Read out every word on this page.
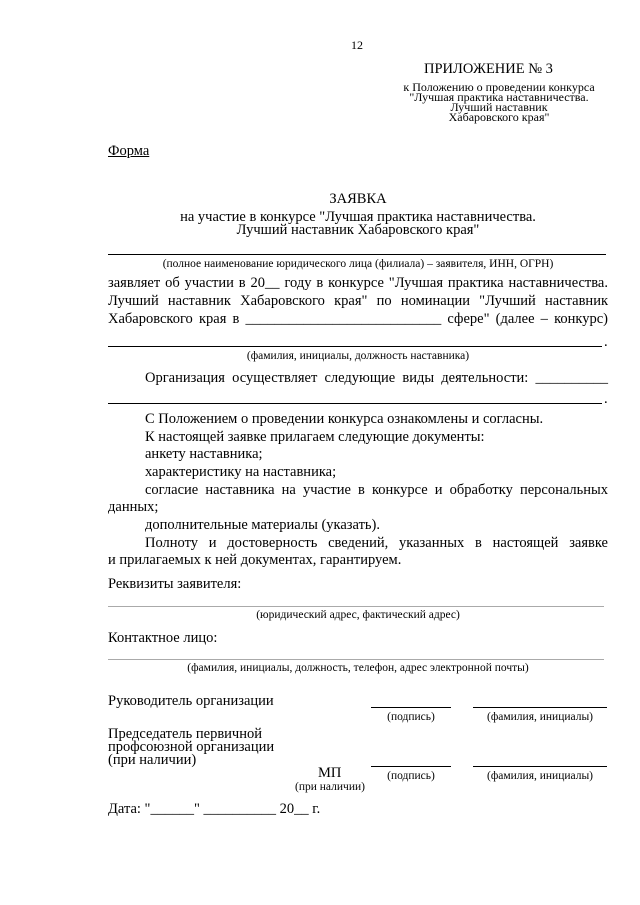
12
ПРИЛОЖЕНИЕ № 3
к Положению о проведении конкурса
"Лучшая практика наставничества.
Лучший наставник
Хабаровского края"
Форма
ЗАЯВКА
на участие в конкурсе "Лучшая практика наставничества.
Лучший наставник Хабаровского края"
(полное наименование юридического лица (филиала) – заявителя, ИНН, ОГРН)
заявляет об участии в 20__ году в конкурсе "Лучшая практика наставничества.
Лучший наставник Хабаровского края" по номинации "Лучший наставник
Хабаровского края в ___________________________ сфере" (далее – конкурс)
.
(фамилия, инициалы, должность наставника)
Организация осуществляет следующие виды деятельности: __________
.
С Положением о проведении конкурса ознакомлены и согласны.
К настоящей заявке прилагаем следующие документы:
анкету наставника;
характеристику на наставника;
согласие наставника на участие в конкурсе и обработку персональных
данных;
дополнительные материалы (указать).
Полноту и достоверность сведений, указанных в настоящей заявке
и прилагаемых к ней документах, гарантируем.
Реквизиты заявителя:
(юридический адрес, фактический адрес)
Контактное лицо:
(фамилия, инициалы, должность, телефон, адрес электронной почты)
Руководитель организации
(подпись)	(фамилия, инициалы)
Председатель первичной
профсоюзной организации
(при наличии)
МП
(при наличии)
(подпись)	(фамилия, инициалы)
Дата: "______" __________ 20__ г.
